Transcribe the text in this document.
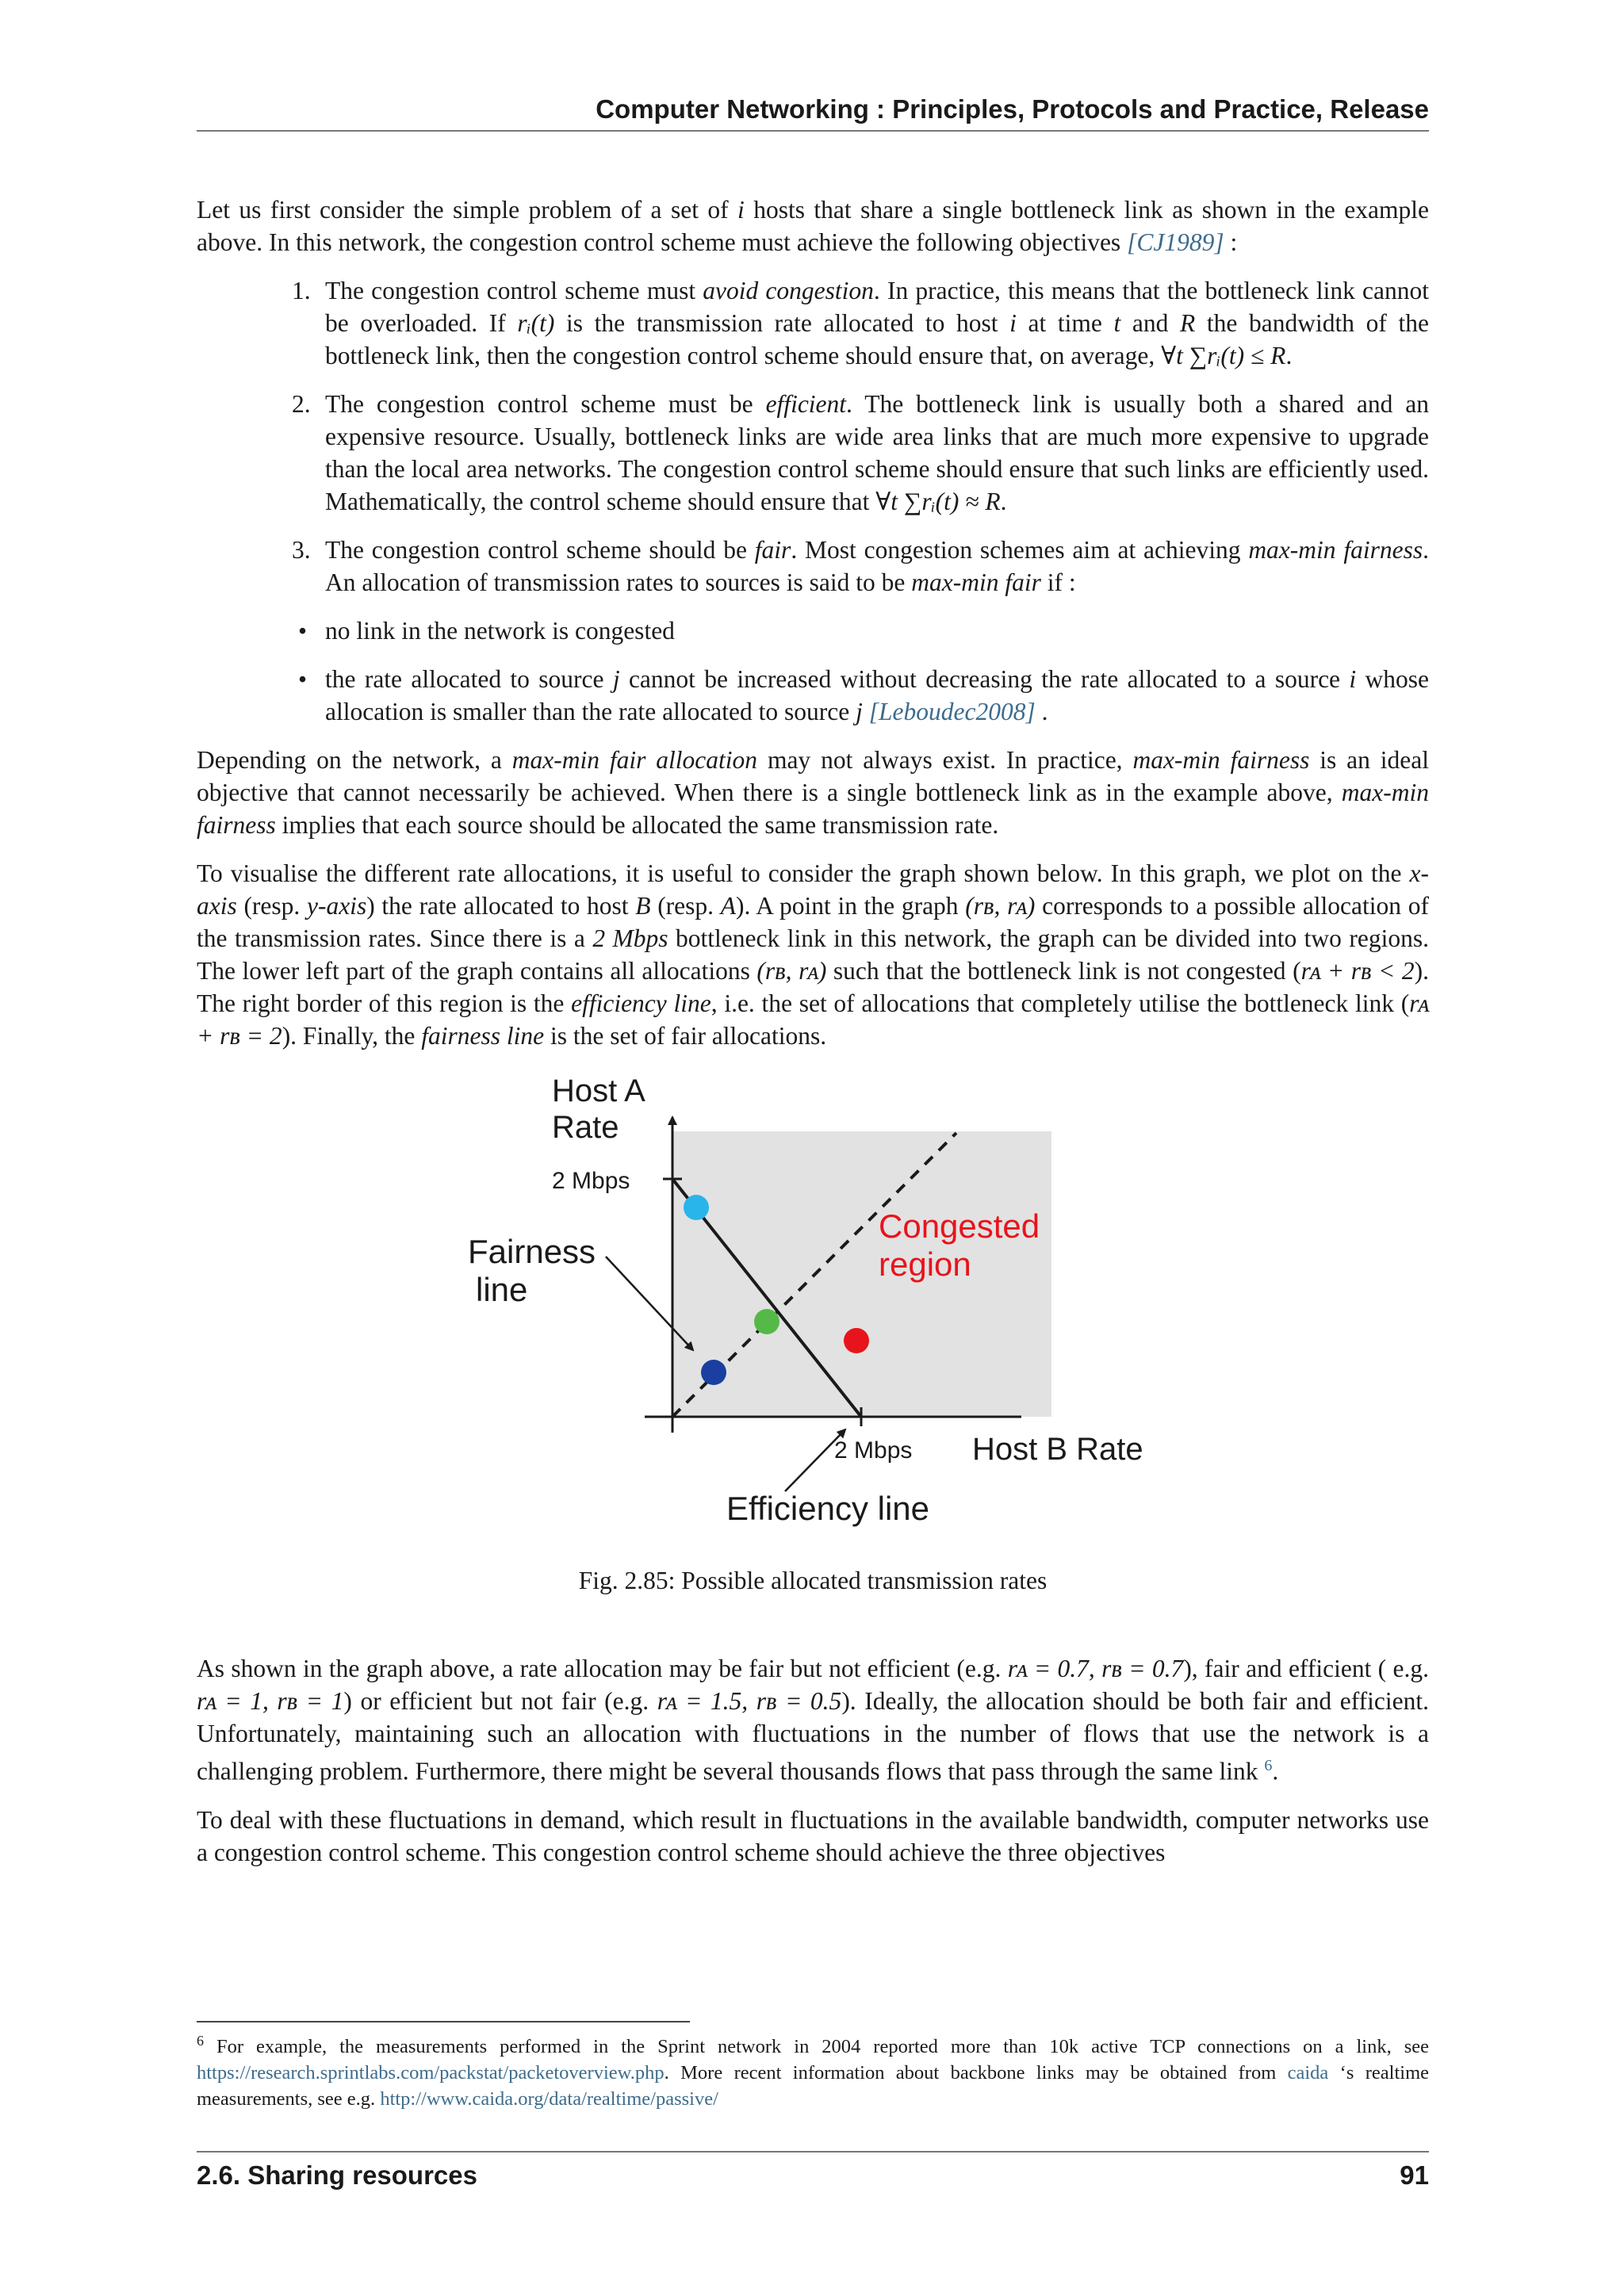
Computer Networking : Principles, Protocols and Practice, Release

Let us first consider the simple problem of a set of i hosts that share a single bottleneck link as shown in the example above. In this network, the congestion control scheme must achieve the following objectives [CJ1989] :

1. The congestion control scheme must avoid congestion. In practice, this means that the bottleneck link cannot be overloaded. If rᵢ(t) is the transmission rate allocated to host i at time t and R the bandwidth of the bottleneck link, then the congestion control scheme should ensure that, on average, ∀t ∑rᵢ(t) ≤ R.
2. The congestion control scheme must be efficient. The bottleneck link is usually both a shared and an expensive resource. Usually, bottleneck links are wide area links that are much more expensive to upgrade than the local area networks. The congestion control scheme should ensure that such links are efficiently used. Mathematically, the control scheme should ensure that ∀t ∑rᵢ(t) ≈ R.
3. The congestion control scheme should be fair. Most congestion schemes aim at achieving max-min fairness. An allocation of transmission rates to sources is said to be max-min fair if :
• no link in the network is congested
• the rate allocated to source j cannot be increased without decreasing the rate allocated to a source i whose allocation is smaller than the rate allocated to source j [Leboudec2008] .

Depending on the network, a max-min fair allocation may not always exist. In practice, max-min fairness is an ideal objective that cannot necessarily be achieved. When there is a single bottleneck link as in the example above, max-min fairness implies that each source should be allocated the same transmission rate.

To visualise the different rate allocations, it is useful to consider the graph shown below. In this graph, we plot on the x-axis (resp. y-axis) the rate allocated to host B (resp. A). A point in the graph (rʙ, rᴀ) corresponds to a possible allocation of the transmission rates. Since there is a 2 Mbps bottleneck link in this network, the graph can be divided into two regions. The lower left part of the graph contains all allocations (rʙ, rᴀ) such that the bottleneck link is not congested (rᴀ + rʙ < 2). The right border of this region is the efficiency line, i.e. the set of allocations that completely utilise the bottleneck link (rᴀ + rʙ = 2). Finally, the fairness line is the set of fair allocations.

Host A
Rate
2 Mbps
2 Mbps Host B Rate
Congested
region
Fairness
line
Efficiency line
Fig. 2.85: Possible allocated transmission rates

As shown in the graph above, a rate allocation may be fair but not efficient (e.g. rᴀ = 0.7, rʙ = 0.7), fair and efficient ( e.g. rᴀ = 1, rʙ = 1) or efficient but not fair (e.g. rᴀ = 1.5, rʙ = 0.5). Ideally, the allocation should be both fair and efficient. Unfortunately, maintaining such an allocation with fluctuations in the number of flows that use the network is a challenging problem. Furthermore, there might be several thousands flows that pass through the same link $^6$.

To deal with these fluctuations in demand, which result in fluctuations in the available bandwidth, computer networks use a congestion control scheme. This congestion control scheme should achieve the three objectives

$^6$ For example, the measurements performed in the Sprint network in 2004 reported more than 10k active TCP connections on a link, see https://research.sprintlabs.com/packstat/packetoverview.php. More recent information about backbone links may be obtained from caida ‘s realtime measurements, see e.g. http://www.caida.org/data/realtime/passive/
2.6. Sharing resources	91
